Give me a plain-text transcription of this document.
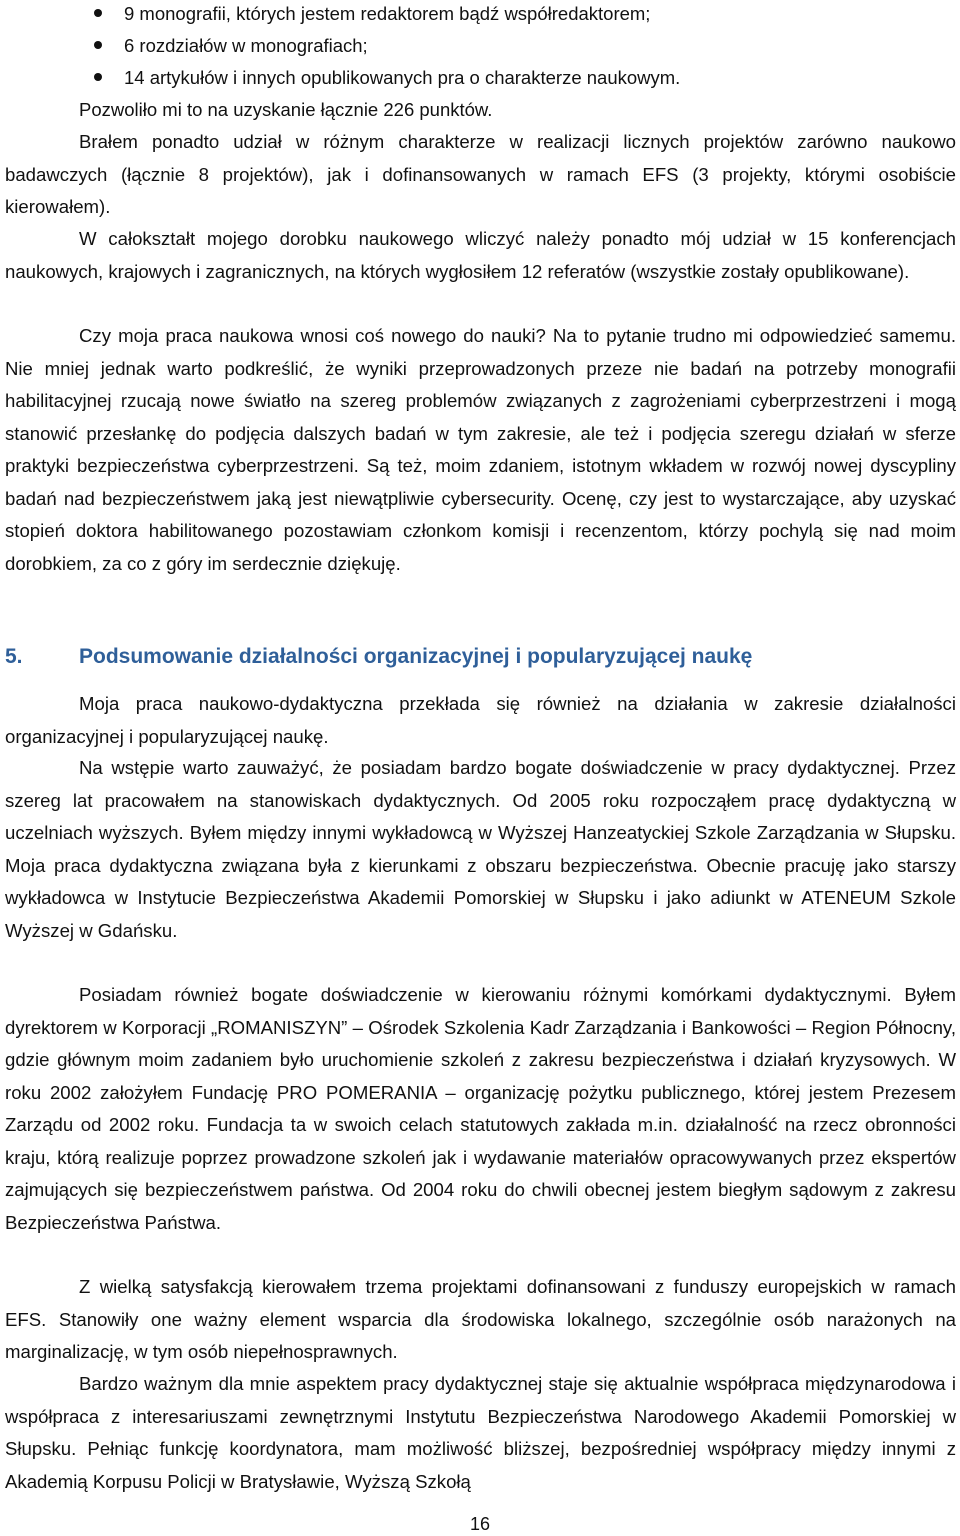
9 monografii, których jestem redaktorem bądź współredaktorem;
6 rozdziałów w monografiach;
14 artykułów i innych opublikowanych pra o charakterze naukowym.

Pozwoliło mi to na uzyskanie łącznie 226 punktów.

Brałem ponadto udział w różnym charakterze w realizacji licznych projektów zarówno naukowo badawczych (łącznie 8 projektów), jak i dofinansowanych w ramach EFS (3 projekty, którymi osobiście kierowałem).

W całokształt mojego dorobku naukowego wliczyć należy ponadto mój udział w 15 konferencjach naukowych, krajowych i zagranicznych, na których wygłosiłem 12 referatów (wszystkie zostały opublikowane).

Czy moja praca naukowa wnosi coś nowego do nauki? Na to pytanie trudno mi odpowiedzieć samemu. Nie mniej jednak warto podkreślić, że wyniki przeprowadzonych przeze nie badań na potrzeby monografii habilitacyjnej rzucają nowe światło na szereg problemów związanych z zagrożeniami cyberprzestrzeni i mogą stanowić przesłankę do podjęcia dalszych badań w tym zakresie, ale też i podjęcia szeregu działań w sferze praktyki bezpieczeństwa cyberprzestrzeni. Są też, moim zdaniem, istotnym wkładem w rozwój nowej dyscypliny badań nad bezpieczeństwem jaką jest niewątpliwie cybersecurity. Ocenę, czy jest to wystarczające, aby uzyskać stopień doktora habilitowanego pozostawiam członkom komisji i recenzentom, którzy pochylą się nad moim dorobkiem, za co z góry im serdecznie dziękuję.

5.	Podsumowanie działalności organizacyjnej i popularyzującej naukę

Moja praca naukowo-dydaktyczna przekłada się również na działania w zakresie działalności organizacyjnej i popularyzującej naukę.

Na wstępie warto zauważyć, że posiadam bardzo bogate doświadczenie w pracy dydaktycznej. Przez szereg lat pracowałem na stanowiskach dydaktycznych. Od 2005 roku rozpocząłem pracę dydaktyczną w uczelniach wyższych. Byłem między innymi wykładowcą w Wyższej Hanzeatyckiej Szkole Zarządzania w Słupsku. Moja praca dydaktyczna związana była z kierunkami z obszaru bezpieczeństwa. Obecnie pracuję jako starszy wykładowca w Instytucie Bezpieczeństwa Akademii Pomorskiej w Słupsku i jako adiunkt w ATENEUM Szkole Wyższej w Gdańsku.

Posiadam również bogate doświadczenie w kierowaniu różnymi komórkami dydaktycznymi. Byłem dyrektorem w Korporacji „ROMANISZYN” – Ośrodek Szkolenia Kadr Zarządzania i Bankowości – Region Północny, gdzie głównym moim zadaniem było uruchomienie szkoleń z zakresu bezpieczeństwa i działań kryzysowych. W roku 2002 założyłem Fundację PRO POMERANIA – organizację pożytku publicznego, której jestem Prezesem Zarządu od 2002 roku. Fundacja ta w swoich celach statutowych zakłada m.in. działalność na rzecz obronności kraju, którą realizuje poprzez prowadzone szkoleń jak i wydawanie materiałów opracowywanych przez ekspertów zajmujących się bezpieczeństwem państwa. Od 2004 roku do chwili obecnej jestem biegłym sądowym z zakresu Bezpieczeństwa Państwa.

Z wielką satysfakcją kierowałem trzema projektami dofinansowani z funduszy europejskich w ramach EFS. Stanowiły one ważny element wsparcia dla środowiska lokalnego, szczególnie osób narażonych na marginalizację, w tym osób niepełnosprawnych.

Bardzo ważnym dla mnie aspektem pracy dydaktycznej staje się aktualnie współpraca międzynarodowa i współpraca z interesariuszami zewnętrznymi Instytutu Bezpieczeństwa Narodowego Akademii Pomorskiej w Słupsku. Pełniąc funkcję koordynatora, mam możliwość bliższej, bezpośredniej współpracy między innymi z Akademią Korpusu Policji w Bratysławie, Wyższą Szkołą

16
